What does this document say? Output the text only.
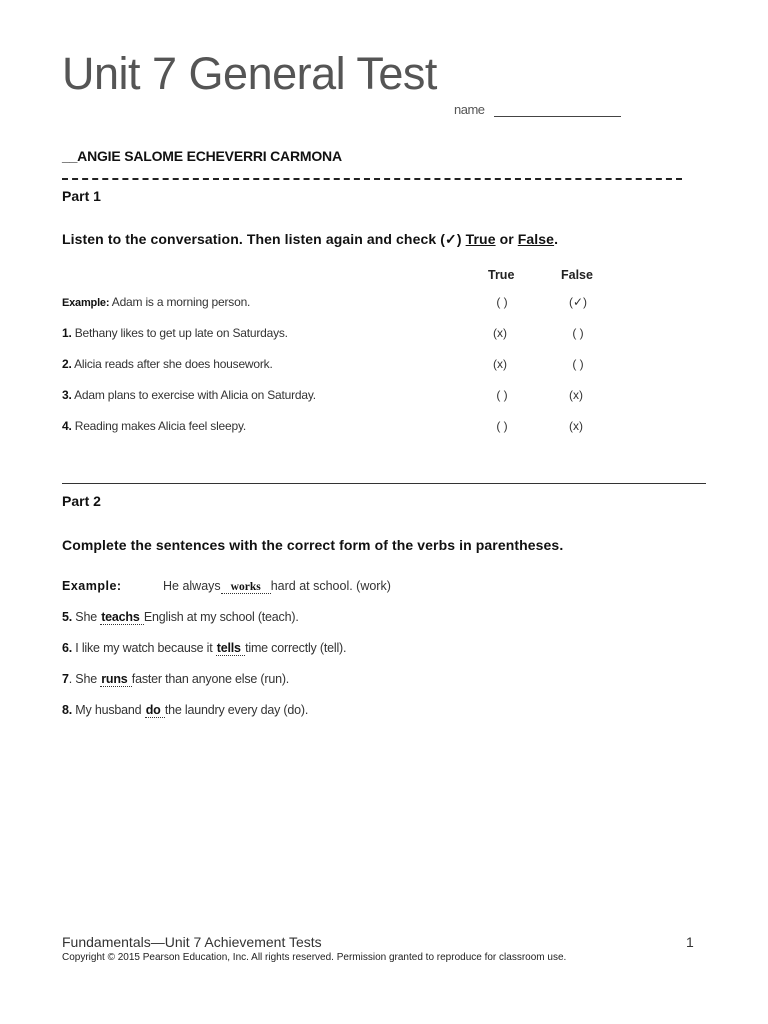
Unit 7 General Test
name
__ANGIE SALOME ECHEVERRI CARMONA
Part 1
Listen to the conversation. Then listen again and check (✓) True or False.
True	False
Example: Adam is a morning person.	( )	(✓)
1. Bethany likes to get up late on Saturdays.	(x)	( )
2. Alicia reads after she does housework.	(x)	( )
3. Adam plans to exercise with Alicia on Saturday.	( )	(x)
4. Reading makes Alicia feel sleepy.	( )	(x)
Part 2
Complete the sentences with the correct form of the verbs in parentheses.
Example:	He always works hard at school. (work)
5. She teachs English at my school (teach).
6. I like my watch because it tells time correctly (tell).
7. She runs faster than anyone else (run).
8. My husband do the laundry every day (do).
Fundamentals—Unit 7 Achievement Tests	1
Copyright © 2015 Pearson Education, Inc. All rights reserved. Permission granted to reproduce for classroom use.
